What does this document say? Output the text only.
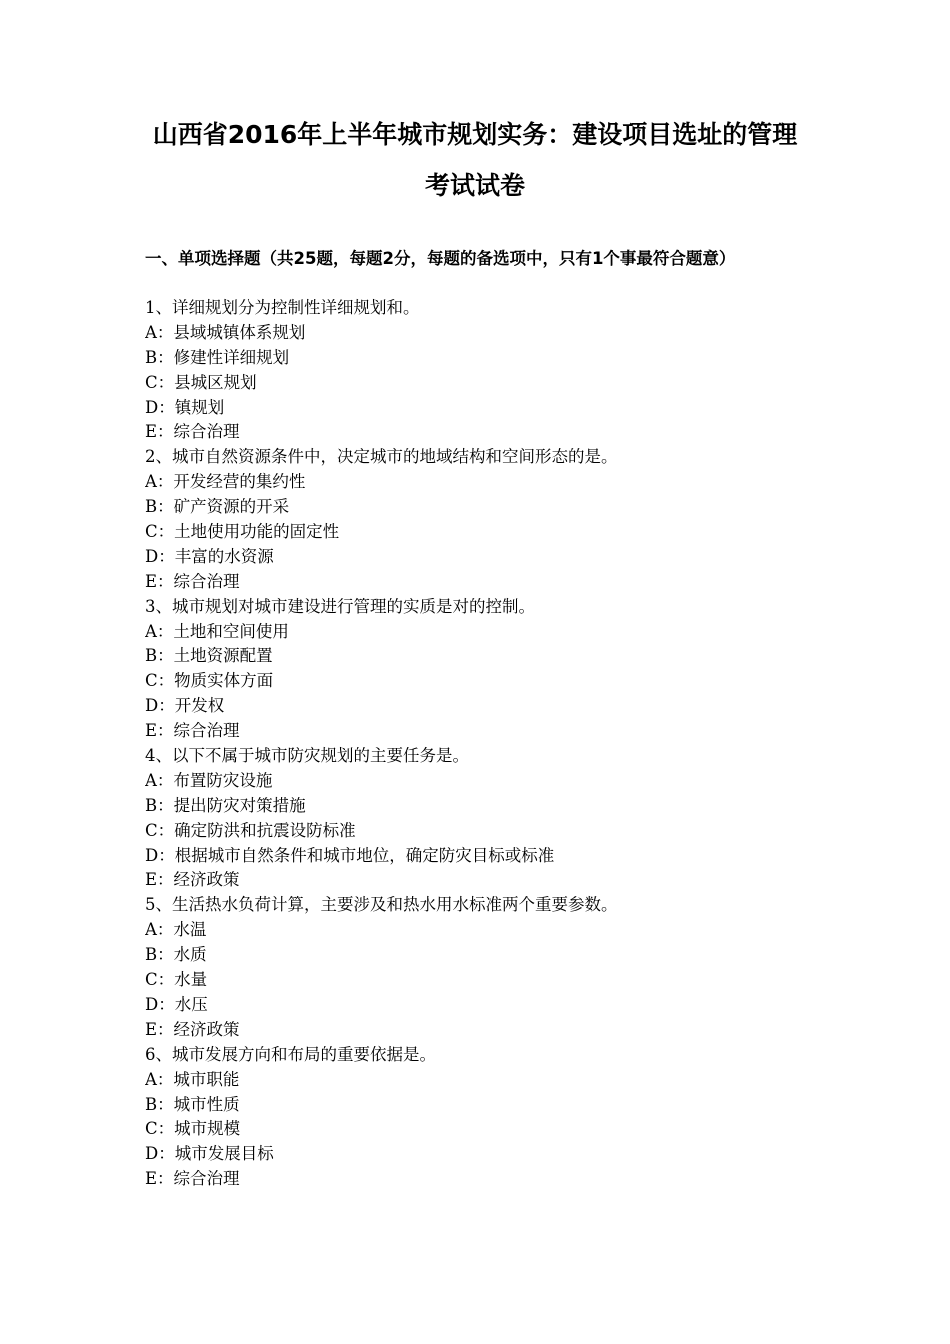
山西省2016年上半年城市规划实务：建设项目选址的管理
考试试卷
一、单项选择题（共25题，每题2分，每题的备选项中，只有1个事最符合题意）
1、详细规划分为控制性详细规划和。
A：县域城镇体系规划
B：修建性详细规划
C：县城区规划
D：镇规划
E：综合治理
2、城市自然资源条件中，决定城市的地域结构和空间形态的是。
A：开发经营的集约性
B：矿产资源的开采
C：土地使用功能的固定性
D：丰富的水资源
E：综合治理
3、城市规划对城市建设进行管理的实质是对的控制。
A：土地和空间使用
B：土地资源配置
C：物质实体方面
D：开发权
E：综合治理
4、以下不属于城市防灾规划的主要任务是。
A：布置防灾设施
B：提出防灾对策措施
C：确定防洪和抗震设防标准
D：根据城市自然条件和城市地位，确定防灾目标或标准
E：经济政策
5、生活热水负荷计算，主要涉及和热水用水标准两个重要参数。
A：水温
B：水质
C：水量
D：水压
E：经济政策
6、城市发展方向和布局的重要依据是。
A：城市职能
B：城市性质
C：城市规模
D：城市发展目标
E：综合治理
